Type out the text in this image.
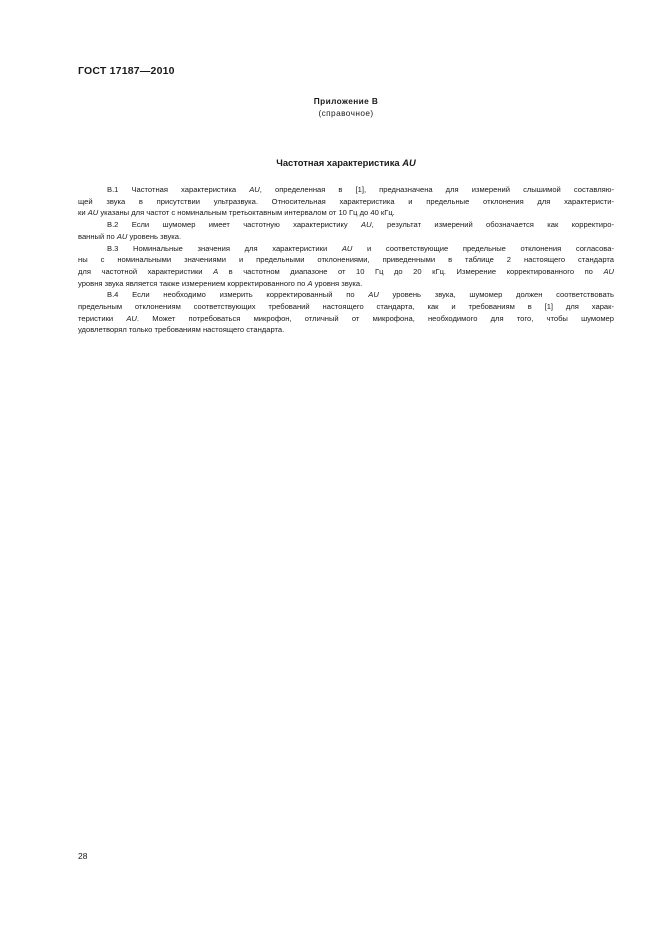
ГОСТ 17187—2010
Приложение В
(справочное)
Частотная характеристика AU
В.1 Частотная характеристика AU, определенная в [1], предназначена для измерений слышимой составляю-
щей звука в присутствии ультразвука. Относительная характеристика и предельные отклонения для характеристи-
ки AU указаны для частот с номинальным третьоктавным интервалом от 10 Гц до 40 кГц.
В.2 Если шумомер имеет частотную характеристику AU, результат измерений обозначается как корректиро-
ванный по AU уровень звука.
В.3 Номинальные значения для характеристики AU и соответствующие предельные отклонения согласова-
ны с номинальными значениями и предельными отклонениями, приведенными в таблице 2 настоящего стандарта
для частотной характеристики А в частотном диапазоне от 10 Гц до 20 кГц. Измерение корректированного по AU
уровня звука является также измерением корректированного по А уровня звука.
В.4 Если необходимо измерить корректированный по AU уровень звука, шумомер должен соответствовать
предельным отклонениям соответствующих требований настоящего стандарта, как и требованиям в [1] для харак-
теристики AU. Может потребоваться микрофон, отличный от микрофона, необходимого для того, чтобы шумомер
удовлетворял только требованиям настоящего стандарта.
28
